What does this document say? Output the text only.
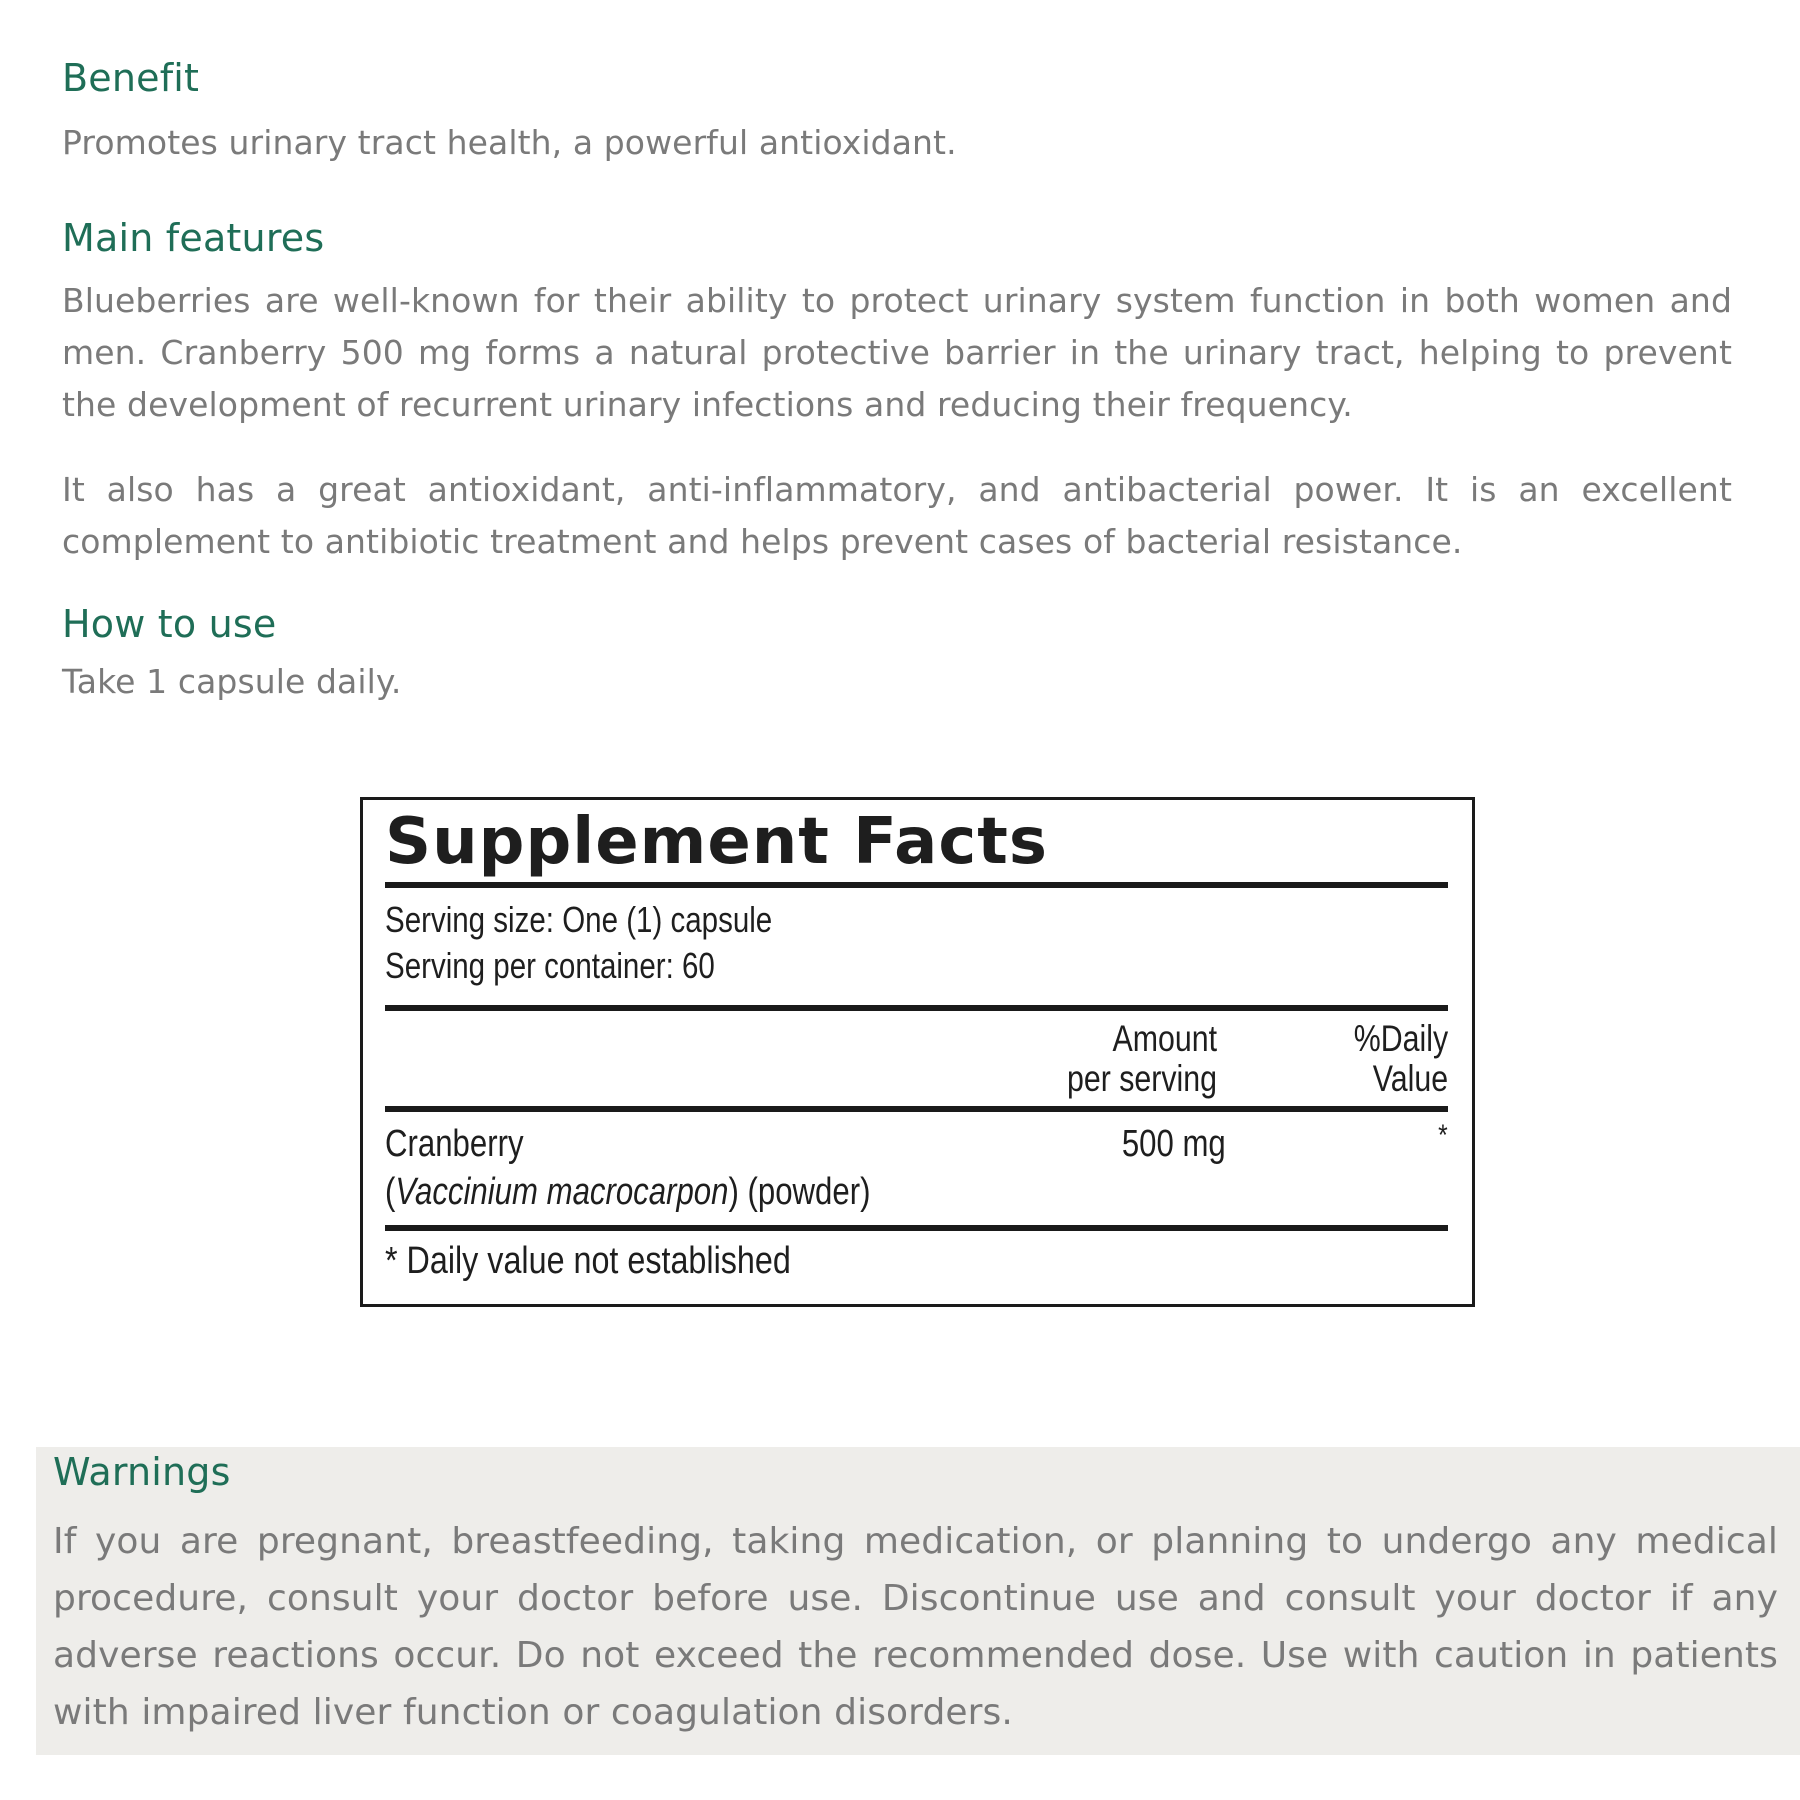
Benefit

Promotes urinary tract health, a powerful antioxidant.

Main features

Blueberries are well-known for their ability to protect urinary system function in both women and men. Cranberry 500 mg forms a natural protective barrier in the urinary tract, helping to prevent the development of recurrent urinary infections and reducing their frequency.

It also has a great antioxidant, anti-inflammatory, and antibacterial power. It is an excellent complement to antibiotic treatment and helps prevent cases of bacterial resistance.

How to use

Take 1 capsule daily.

Supplement Facts
Serving size: One (1) capsule
Serving per container: 60
Amount
per serving
%Daily
Value
Cranberry
(Vaccinium macrocarpon) (powder)
500 mg	*
* Daily value not established
Warnings

If you are pregnant, breastfeeding, taking medication, or planning to undergo any medical procedure, consult your doctor before use. Discontinue use and consult your doctor if any adverse reactions occur. Do not exceed the recommended dose. Use with caution in patients with impaired liver function or coagulation disorders.
